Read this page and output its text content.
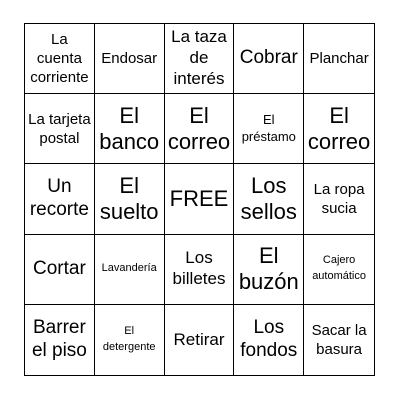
La cuenta corriente
Endosar
La taza de interés
Cobrar Planchar
La tarjeta postal
El banco
El correo
El préstamo
El correo
Un recorte
El suelto
FREE
Los sellos
La ropa sucia
Cortar Lavandería
Los billetes
El buzón
Cajero automático
Barrer el piso
El detergente	Retirar
Los fondos
Sacar la basura
